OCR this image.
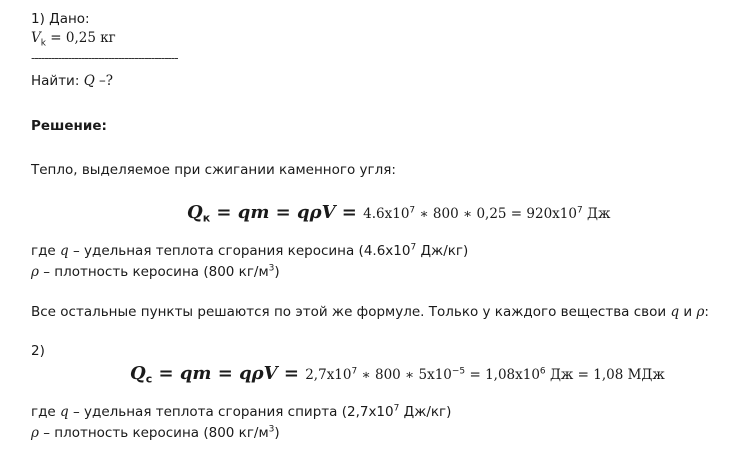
1) Дано:
$V_k = 0,25$ кг
--------------------------------------------
Найти: Q –?
Решение:
Тепло, выделяемое при сжигании каменного угля:
$Q_к$ = qm = $q\rho V = 4.6х10^7$ ∗ 800 ∗ $0,25 = 920х10^7$ Дж
где q – удельная теплота сгорания керосина ($4.6х10^7$ Дж/кг)
ρ – плотность керосина (800 $кг/м^3$)
Все остальные пункты решаются по этой же формуле. Только у каждого вещества свои q и ρ:
2)
$Q_с$ = qm = $q\rho V = 2,7х10^7$ ∗ 800 ∗ $5х10^{-5} = 1,08х10^6$ Дж = 1,08 МДж
где q – удельная теплота сгорания спирта ($2,7х10^7$ Дж/кг)
ρ – плотность керосина (800 $кг/м^3$)
